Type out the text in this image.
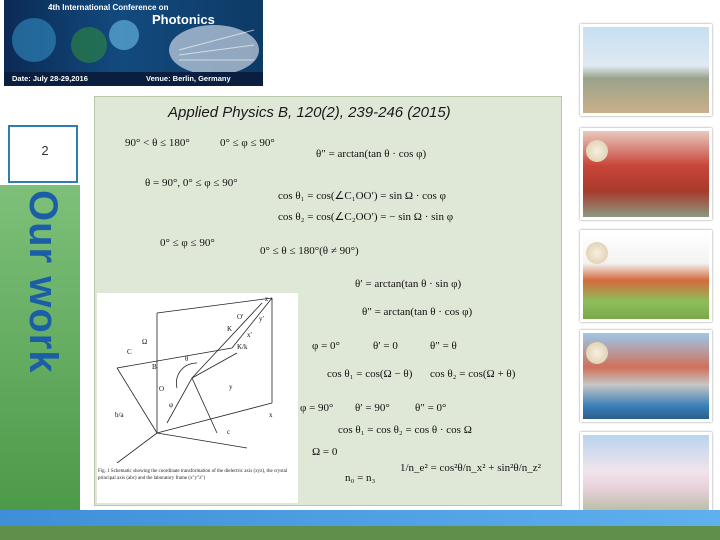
4th International Conference on
Photonics
Date: July 28-29,2016	Venue: Berlin, Germany
2
Our work
Applied Physics B, 120(2), 239-246 (2015)
90° < θ ≤ 180°	0° ≤ φ ≤ 90°
θ″ = arctan(tan θ · cos φ)
θ = 90°, 0° ≤ φ ≤ 90°
cos θ₁ = cos(∠C₁OO′) = sin Ω · cos φ
cos θ₂ = cos(∠C₂OO′) = − sin Ω · sin φ
0° ≤ φ ≤ 90°
0° ≤ θ ≤ 180°(θ ≠ 90°)
θ′ = arctan(tan θ · sin φ)
θ″ = arctan(tan θ · cos φ)
φ = 0°	θ′ = 0	θ″ = θ
cos θ₁ = cos(Ω − θ) cos θ₂ = cos(Ω + θ)
φ = 90° θ′ = 90° θ″ = 0°
cos θ₁ = cos θ₂ = cos θ · cos Ω
Ω = 0
n₀ = n₃
1/n_e² = cos²θ/n_x² + sin²θ/n_z²
z
x′
y′
O′
K
K/k
C
Ω
θ
B
O	y
x
b/a
c
φ
Fig. 1 Schematic showing the coordinate transformation of the dielectric axis (xyz), the crystal principal axis (abc) and the laboratory frame (x″y″z″)
